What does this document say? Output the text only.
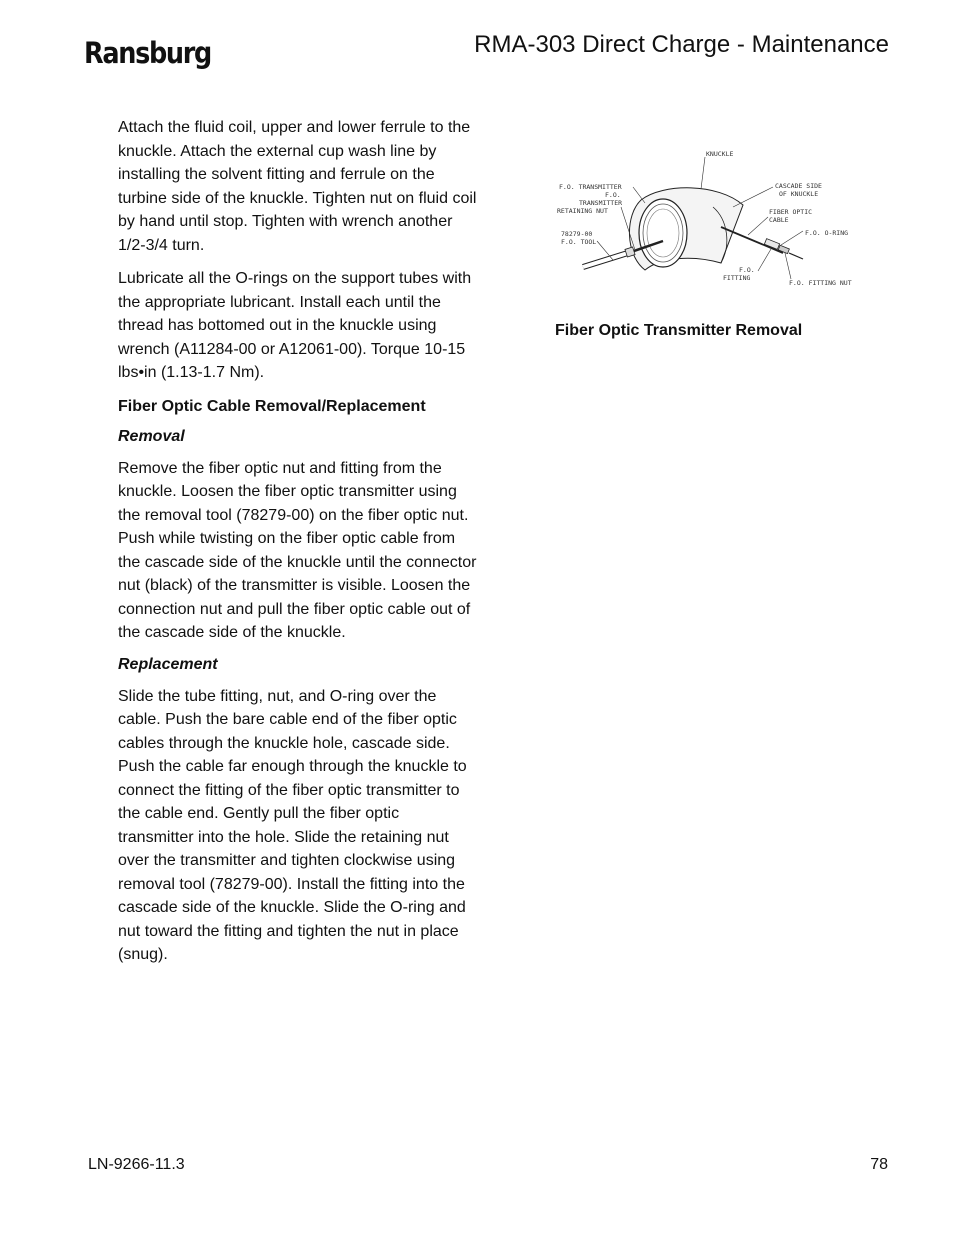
Ransburg	RMA-303 Direct Charge - Maintenance

Attach the fluid coil, upper and lower ferrule to the knuckle. Attach the external cup wash line by installing the solvent fitting and ferrule on the turbine side of the knuckle. Tighten nut on fluid coil by hand until stop. Tighten with wrench another 1/2-3/4 turn.

Lubricate all the O-rings on the support tubes with the appropriate lubricant. Install each until the thread has bottomed out in the knuckle using wrench (A11284-00 or A12061-00). Torque 10-15 lbs•in (1.13-1.7 Nm).

Fiber Optic Cable Removal/Replacement
Removal

Remove the fiber optic nut and fitting from the knuckle. Loosen the fiber optic transmitter using the removal tool (78279-00) on the fiber optic nut. Push while twisting on the fiber optic cable from the cascade side of the knuckle until the connector nut (black) of the transmitter is visible. Loosen the connection nut and pull the fiber optic cable out of the cascade side of the knuckle.

Replacement

Slide the tube fitting, nut, and O-ring over the cable. Push the bare cable end of the fiber optic cables through the knuckle hole, cascade side. Push the cable far enough through the knuckle to connect the fitting of the fiber optic transmitter to the cable end. Gently pull the fiber optic transmitter into the hole. Slide the retaining nut over the transmitter and tighten clockwise using removal tool (78279-00). Install the fitting into the cascade side of the knuckle. Slide the O-ring and nut toward the fitting and tighten the nut in place (snug).

KNUCKLE
F.O. TRANSMITTER
F.O.
TRANSMITTER
RETAINING NUT
78279-00
F.O. TOOL
CASCADE SIDE
OF KNUCKLE
FIBER OPTIC
CABLE
F.O. O-RING
F.O.
FITTING
F.O. FITTING NUT
Fiber Optic Transmitter Removal
LN-9266-11.3	78
